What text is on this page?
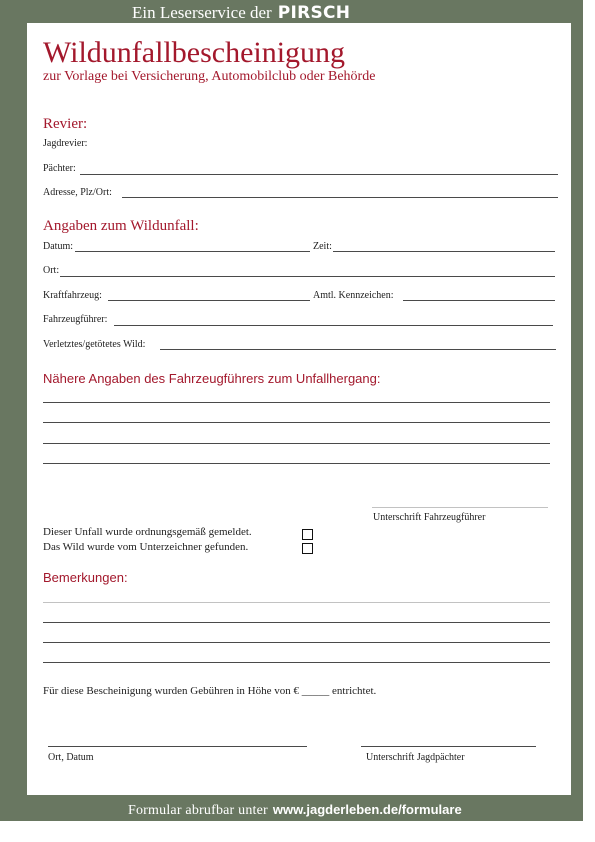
Ein Leserservice der PIRSCH
Wildunfallbescheinigung
zur Vorlage bei Versicherung, Automobilclub oder Behörde
Revier:
Jagdrevier:
Pächter:
Adresse, Plz/Ort:
Angaben zum Wildunfall:
Datum:	Zeit:
Ort:
Kraftfahrzeug:	Amtl. Kennzeichen:
Fahrzeugführer:
Verletztes/getötetes Wild:
Nähere Angaben des Fahrzeugführers zum Unfallhergang:
Unterschrift Fahrzeugführer
Dieser Unfall wurde ordnungsgemäß gemeldet.
Das Wild wurde vom Unterzeichner gefunden.
Bemerkungen:
Für diese Bescheinigung wurden Gebühren in Höhe von € _____ entrichtet.
Ort, Datum	Unterschrift Jagdpächter
Formular abrufbar unter www.jagderleben.de/formulare
